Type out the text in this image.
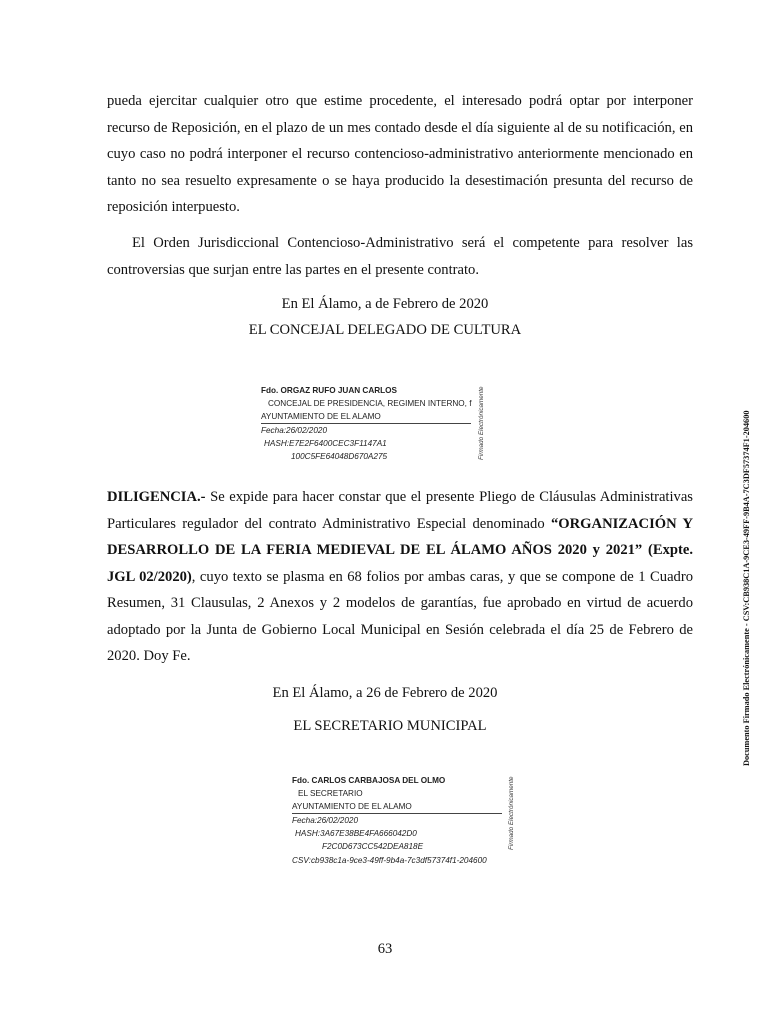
pueda ejercitar cualquier otro que estime procedente, el interesado podrá optar por interponer recurso de Reposición, en el plazo de un mes contado desde el día siguiente al de su notificación, en cuyo caso no podrá interponer el recurso contencioso-administrativo anteriormente mencionado en tanto no sea resuelto expresamente o se haya producido la desestimación presunta del recurso de reposición interpuesto.

El Orden Jurisdiccional Contencioso-Administrativo será el competente para resolver las controversias que surjan entre las partes en el presente contrato.

En El Álamo, a de Febrero de 2020

EL CONCEJAL DELEGADO DE CULTURA

Fdo. ORGAZ RUFO JUAN CARLOS
CONCEJAL DE PRESIDENCIA, REGIMEN INTERNO, f
AYUNTAMIENTO DE EL ALAMO
Fecha:26/02/2020
HASH:E7E2F6400CEC3F1147A1
100C5FE64048D670A275	Firmado Electrónicamente

DILIGENCIA.- Se expide para hacer constar que el presente Pliego de Cláusulas Administrativas Particulares regulador del contrato Administrativo Especial denominado “ORGANIZACIÓN Y DESARROLLO DE LA FERIA MEDIEVAL DE EL ÁLAMO AÑOS 2020 y 2021” (Expte. JGL 02/2020), cuyo texto se plasma en 68 folios por ambas caras, y que se compone de 1 Cuadro Resumen, 31 Clausulas, 2 Anexos y 2 modelos de garantías, fue aprobado en virtud de acuerdo adoptado por la Junta de Gobierno Local Municipal en Sesión celebrada el día 25 de Febrero de 2020. Doy Fe.

En El Álamo, a 26 de Febrero de 2020

EL SECRETARIO MUNICIPAL

Fdo. CARLOS CARBAJOSA DEL OLMO
EL SECRETARIO
AYUNTAMIENTO DE EL ALAMO
Fecha:26/02/2020
HASH:3A67E38BE4FA666042D0
F2C0D673CC542DEA818E
CSV:cb938c1a-9ce3-49ff-9b4a-7c3df57374f1-204600
Firmado Electrónicamente
Documento Firmado Electrónicamente - CSV:CB938C1A-9CE3-49FF-9B4A-7C3DF57374F1-204600
63
